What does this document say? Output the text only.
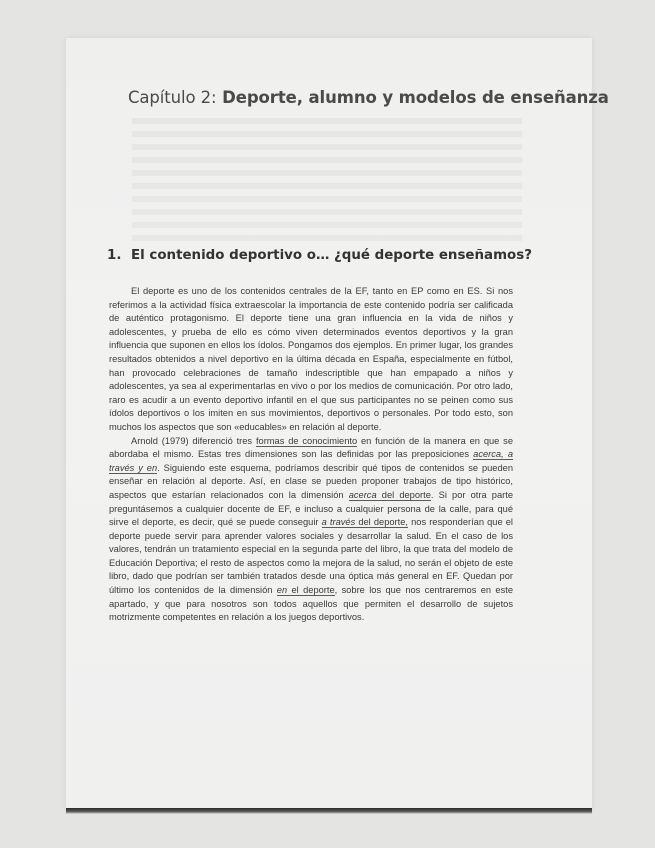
Capítulo 2: Deporte, alumno y modelos de enseñanza
1. El contenido deportivo o… ¿qué deporte enseñamos?

El deporte es uno de los contenidos centrales de la EF, tanto en EP como en ES. Si nos referimos a la actividad física extraescolar la importancia de este contenido podría ser calificada de auténtico protagonismo. El deporte tiene una gran influencia en la vida de niños y adolescentes, y prueba de ello es cómo viven determinados eventos deportivos y la gran influencia que suponen en ellos los ídolos. Pongamos dos ejemplos. En primer lugar, los grandes resultados obtenidos a nivel deportivo en la última década en España, especialmente en fútbol, han provocado celebraciones de tamaño indescriptible que han empapado a niños y adolescentes, ya sea al experimentarlas en vivo o por los medios de comunicación. Por otro lado, raro es acudir a un evento deportivo infantil en el que sus participantes no se peinen como sus ídolos deportivos o los imiten en sus movimientos, deportivos o personales. Por todo esto, son muchos los aspectos que son «educables» en relación al deporte.

Arnold (1979) diferenció tres formas de conocimiento en función de la manera en que se abordaba el mismo. Estas tres dimensiones son las definidas por las preposiciones acerca, a través y en. Siguiendo este esquema, podríamos describir qué tipos de contenidos se pueden enseñar en relación al deporte. Así, en clase se pueden proponer trabajos de tipo histórico, aspectos que estarían relacionados con la dimensión acerca del deporte. Si por otra parte preguntásemos a cualquier docente de EF, e incluso a cualquier persona de la calle, para qué sirve el deporte, es decir, qué se puede conseguir a través del deporte, nos responderían que el deporte puede servir para aprender valores sociales y desarrollar la salud. En el caso de los valores, tendrán un tratamiento especial en la segunda parte del libro, la que trata del modelo de Educación Deportiva; el resto de aspectos como la mejora de la salud, no serán el objeto de este libro, dado que podrían ser también tratados desde una óptica más general en EF. Quedan por último los contenidos de la dimensión en el deporte, sobre los que nos centraremos en este apartado, y que para nosotros son todos aquellos que permiten el desarrollo de sujetos motrizmente competentes en relación a los juegos deportivos.
